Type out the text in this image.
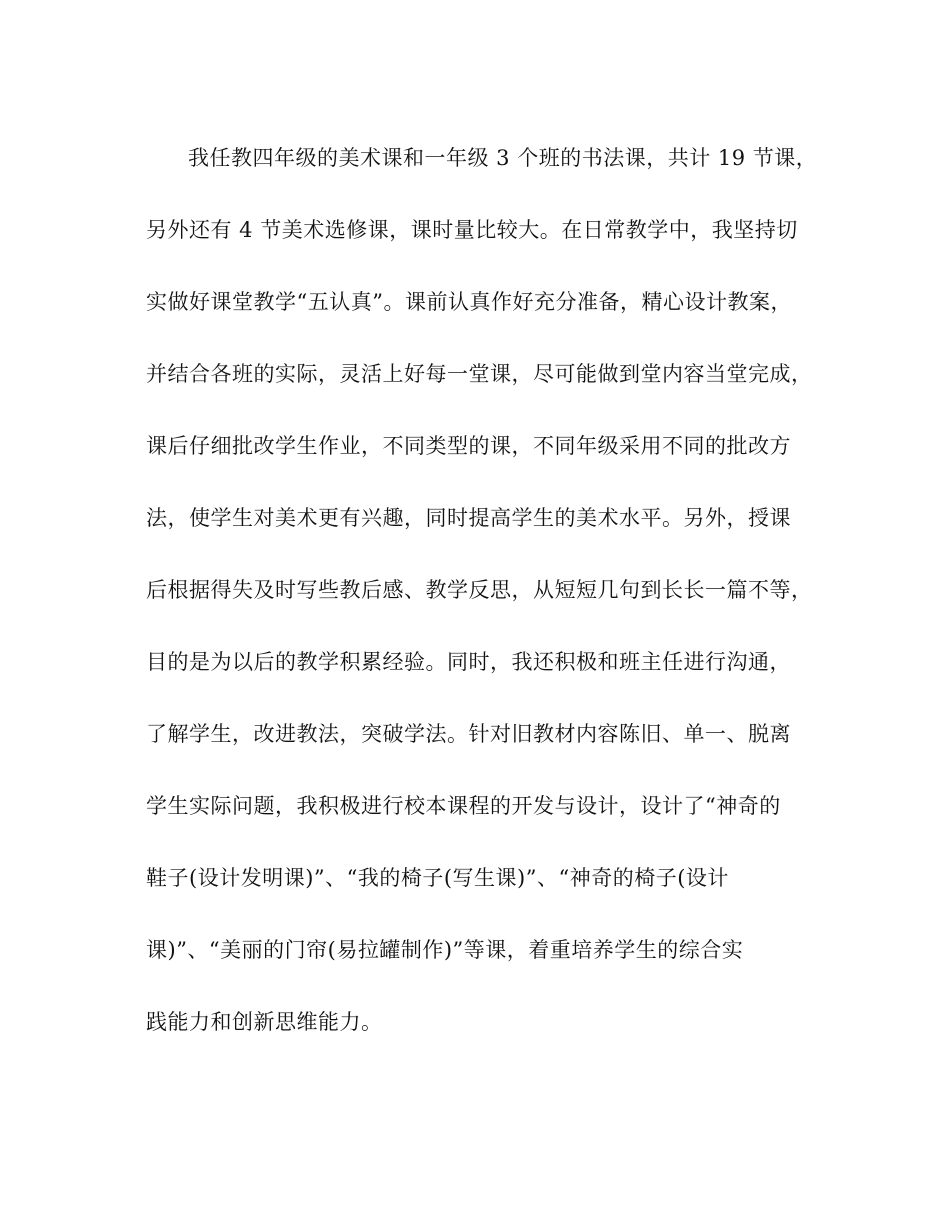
我任教四年级的美术课和一年级 3 个班的书法课，共计 19 节课，
另外还有 4 节美术选修课，课时量比较大。在日常教学中，我坚持切
实做好课堂教学“五认真”。课前认真作好充分准备，精心设计教案，
并结合各班的实际，灵活上好每一堂课，尽可能做到堂内容当堂完成，
课后仔细批改学生作业，不同类型的课，不同年级采用不同的批改方
法，使学生对美术更有兴趣，同时提高学生的美术水平。另外，授课
后根据得失及时写些教后感、教学反思，从短短几句到长长一篇不等，
目的是为以后的教学积累经验。同时，我还积极和班主任进行沟通，
了解学生，改进教法，突破学法。针对旧教材内容陈旧、单一、脱离
学生实际问题，我积极进行校本课程的开发与设计，设计了“神奇的
鞋子(设计发明课)”、“我的椅子(写生课)”、“神奇的椅子(设计
课)”、“美丽的门帘(易拉罐制作)”等课，着重培养学生的综合实
践能力和创新思维能力。
